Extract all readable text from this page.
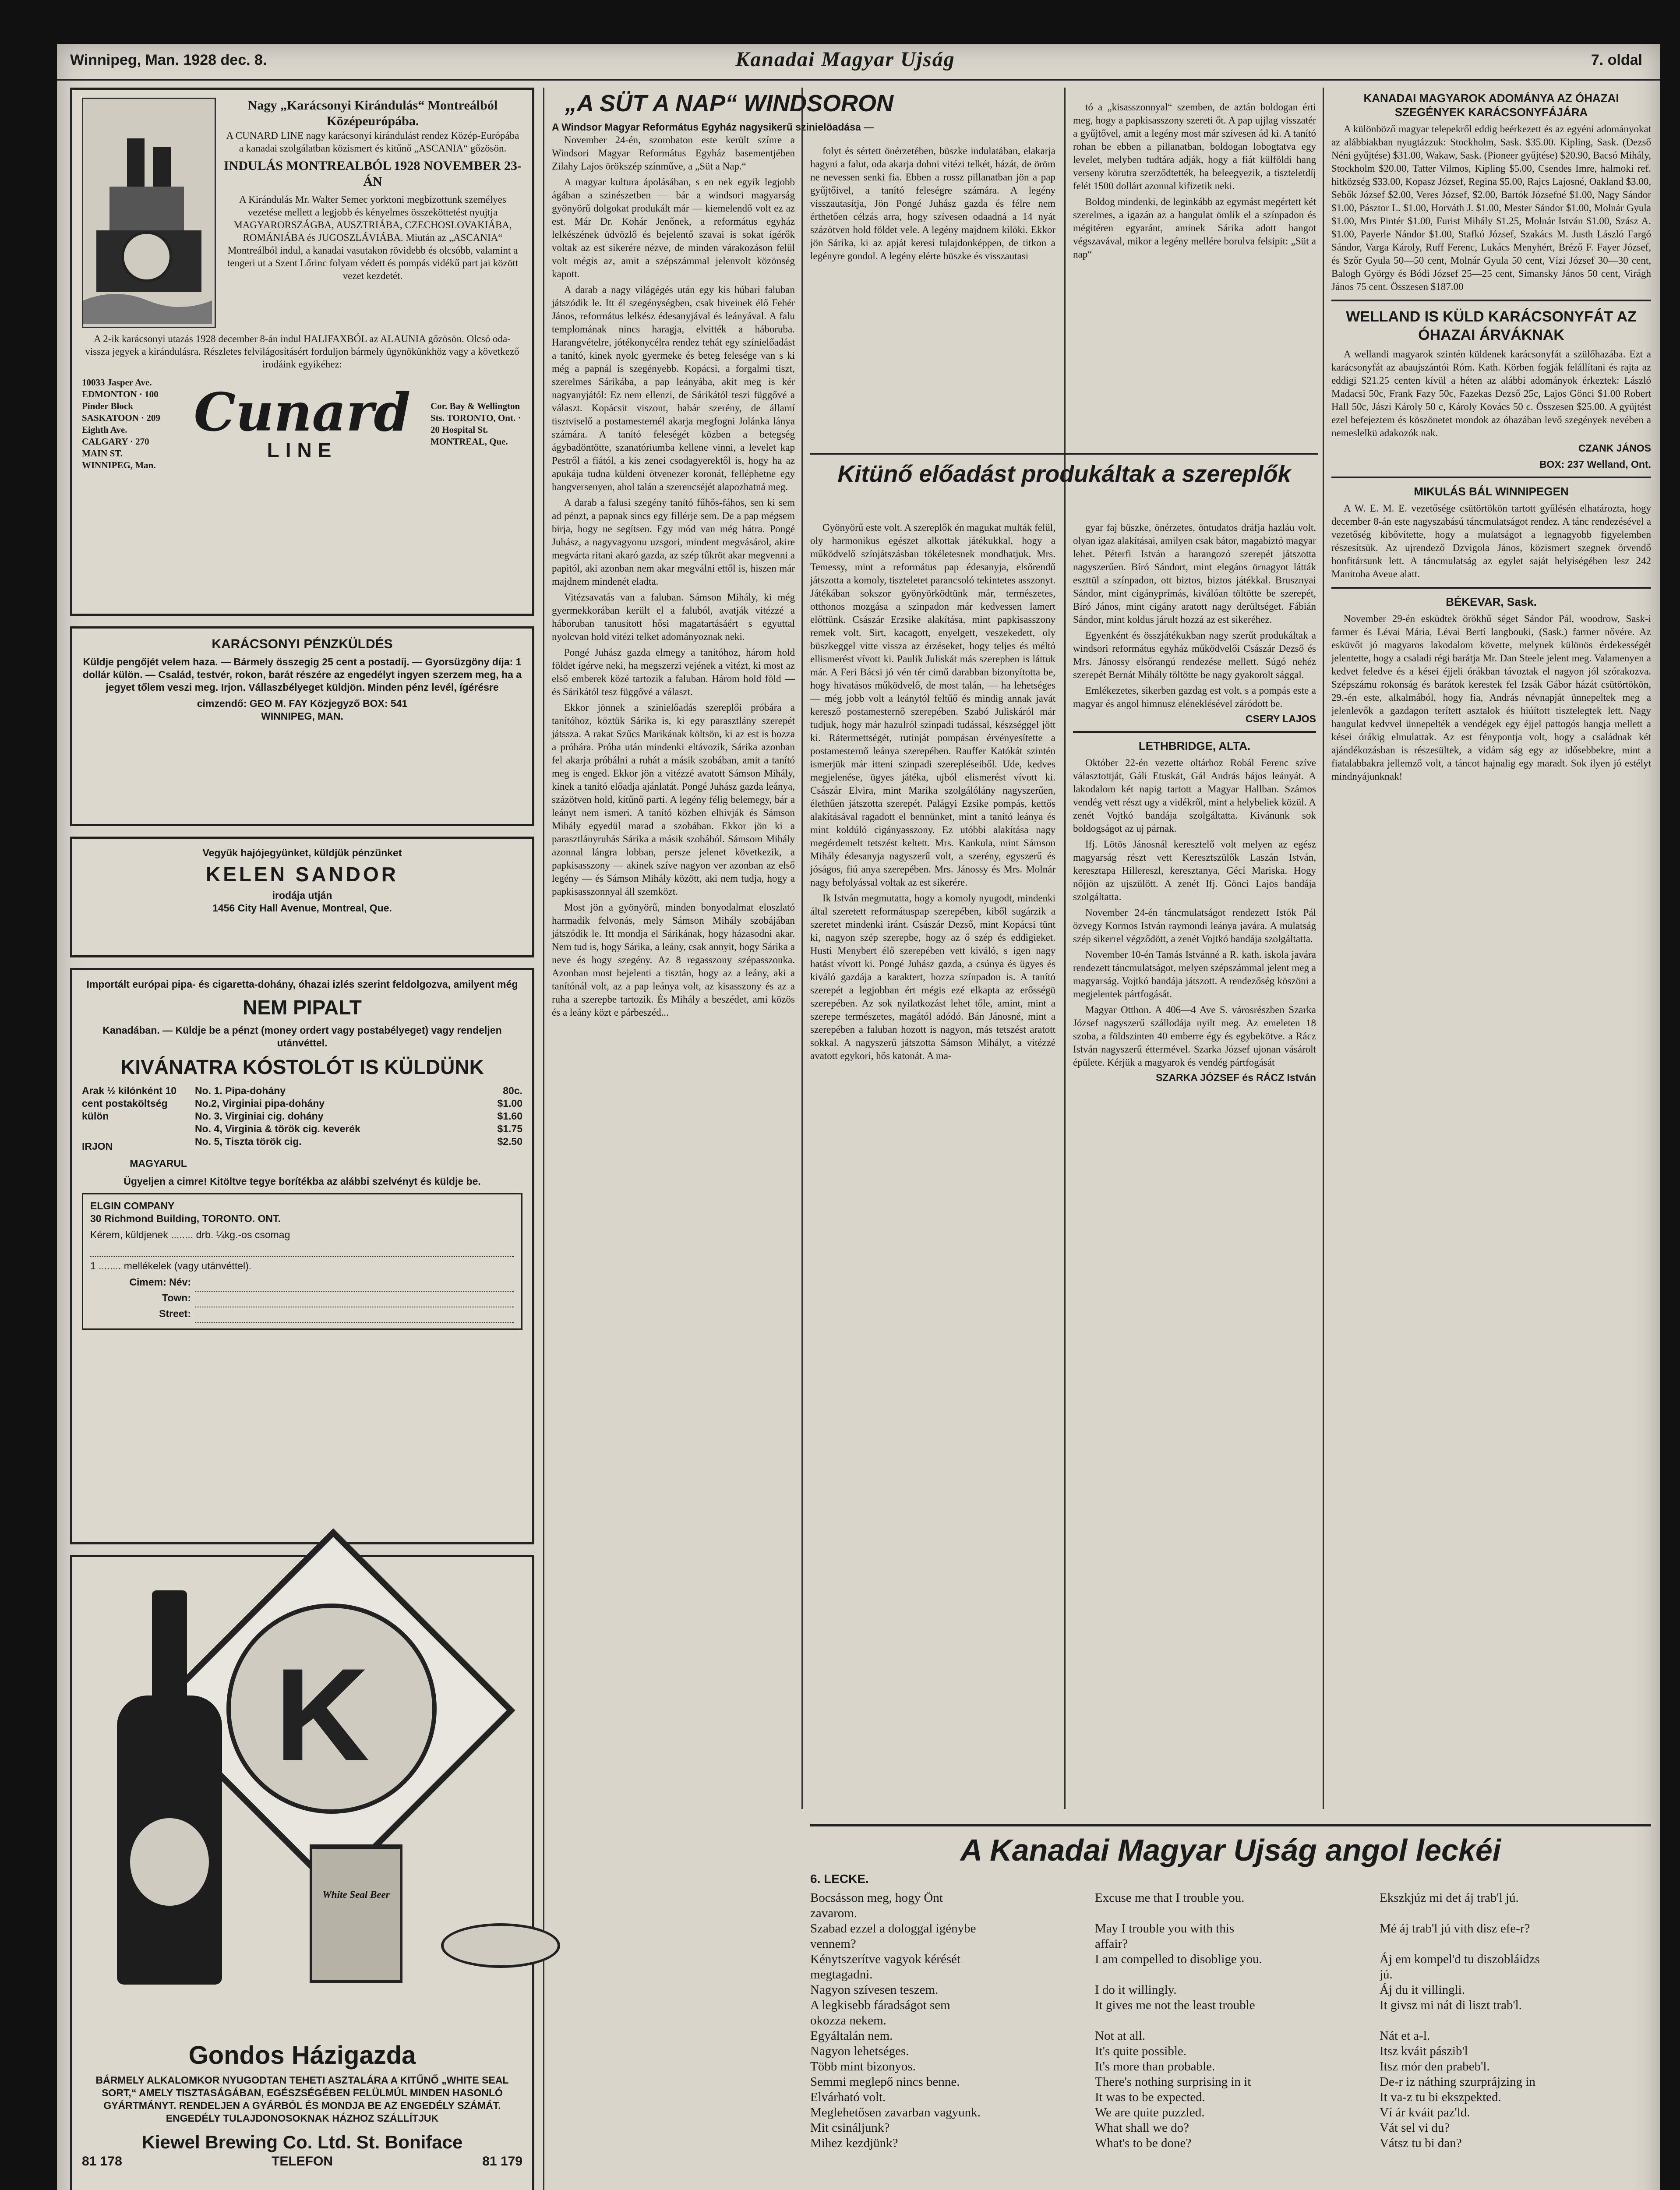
Winnipeg, Man. 1928 dec. 8.	Kanadai Magyar Ujság	7. oldal
Nagy „Karácsonyi Kirándulás“ Montreálból Középeurópába.
A CUNARD LINE nagy karácsonyi kirándulást rendez Közép-Európába a kanadai szolgálatban közismert és kitűnő „ASCANIA“ gőzösön.
INDULÁS MONTREALBÓL 1928 NOVEMBER 23-ÁN
A Kirándulás Mr. Walter Semec yorktoni megbízottunk személyes vezetése mellett a legjobb és kényelmes összeköttetést nyujtja MAGYARORSZÁGBA, AUSZTRIÁBA, CZECHOSLOVAKIÁBA, ROMÁNIÁBA és JUGOSZLÁVIÁBA. Miután az „ASCANIA“ Montreálból indul, a kanadai vasutakon rövidebb és olcsóbb, valamint a tengeri ut a Szent Lőrinc folyam védett és pompás vidékű part jai között vezet kezdetét.
A 2-ik karácsonyi utazás 1928 december 8-án indul HALIFAXBÓL az ALAUNIA gőzösön. Olcsó oda-vissza jegyek a kirándulásra. Részletes felvilágosításért forduljon bármely ügynökünkhöz vagy a következő irodáink egyikéhez:
10033 Jasper Ave. EDMONTON · 100 Pinder Block SASKATOON · 209 Eighth Ave. CALGARY · 270 MAIN ST. WINNIPEG, Man.
Cunard
LINE
Cor. Bay & Wellington Sts. TORONTO, Ont. · 20 Hospital St. MONTREAL, Que.
KARÁCSONYI PÉNZKÜLDÉS
Küldje pengőjét velem haza. — Bármely összegig 25 cent a postadíj. — Gyorsüzgöny díja: 1 dollár külön. — Család, testvér, rokon, barát részére az engedélyt ingyen szerzem meg, ha a jegyet tőlem veszi meg. Irjon. Vállaszbélyeget küldjön. Minden pénz levél, ígérésre
cimzendő: GEO M. FAY Közjegyző BOX: 541
WINNIPEG, MAN.
Vegyük hajójegyünket, küldjük pénzünket
KELEN SANDOR
irodája utján
1456 City Hall Avenue, Montreal, Que.
Importált európai pipa- és cigaretta-dohány, óhazai izlés szerint feldolgozva, amilyent még
NEM PIPALT
Kanadában. — Küldje be a pénzt (money ordert vagy postabélyeget) vagy rendeljen utánvéttel.
KIVÁNATRA KÓSTOLÓT IS KÜLDÜNK
Arak ½ kilónként 10 cent postaköltség külön
IRJON
MAGYARUL
No. 1. Pipa-dohány	80c.
No.2, Virginiai pipa-dohány	$1.00
No. 3. Virginiai cig. dohány	$1.60
No. 4, Virginia & török cig. keverék	$1.75
No. 5, Tiszta török cig.	$2.50
Ügyeljen a cimre! Kitöltve tegye borítékba az alábbi szelvényt és küldje be.
ELGIN COMPANY
30 Richmond Building, TORONTO. ONT.
Kérem, küldjenek ........ drb. ¼kg.-os csomag
1 ........ mellékelek (vagy utánvéttel).
Cimem: Név:
Town:
Street:
K
White Seal Beer
Gondos Házigazda
BÁRMELY ALKALOMKOR NYUGODTAN TEHETI ASZTALÁRA A KITŰNŐ „WHITE SEAL SORT,“ AMELY TISZTASÁGÁBAN, EGÉSZSÉGÉBEN FELÜLMÚL MINDEN HASONLÓ GYÁRTMÁNYT. RENDELJEN A GYÁRBÓL ÉS MONDJA BE AZ ENGEDÉLY SZÁMÁT. ENGEDÉLY TULAJDONOSOKNAK HÁZHOZ SZÁLLÍTJUK
Kiewel Brewing Co. Ltd. St. Boniface
81 178	TELEFON	81 179
„A SÜT A NAP“ WINDSORON
A Windsor Magyar Református Egyház nagysikerű szinielöadása —

November 24-én, szombaton este került színre a Windsori Magyar Református Egyház basementjében Zilahy Lajos örökszép színműve, a „Süt a Nap.“

A magyar kultura ápolásában, s en nek egyik legjobb ágában a szinészetben — bár a windsori magyarság gyönyörű dolgokat produkált már — kiemelendő volt ez az est. Már Dr. Kohár Jenőnek, a református egyház lelkészének üdvözlő és bejelentő szavai is sokat ígérők voltak az est sikerére nézve, de minden várakozáson felül volt mégis az, amit a szépszámmal jelenvolt közönség kapott.

A darab a nagy világégés után egy kis húbari faluban játszódik le. Itt él szegénységben, csak hiveinek élő Fehér János, református lelkész édesanyjával és leányával. A falu templomának nincs haragja, elvitték a háboruba. Harangvételre, jótékonycélra rendez tehát egy színielőadást a tanító, kinek nyolc gyermeke és beteg felesége van s ki még a papnál is szegényebb. Kopácsi, a forgalmi tiszt, szerelmes Sárikába, a pap leányába, akit meg is kér nagyanyjától: Ez nem ellenzi, de Sárikától teszi függővé a választ. Kopácsit viszont, habár szerény, de államí tisztviselő a postamesternél akarja megfogni Jolánka lánya számára. A tanító feleségét közben a betegség ágybadöntötte, szanatóriumba kellene vinni, a levelet kap Pestről a fiától, a kis zenei csodagyerektől is, hogy ha az apukája tudna küldeni ötvenezer koronát, felléphetne egy hangversenyen, ahol talán a szerencséjét alapozhatná meg.

A darab a falusi szegény tanító fűhős-fáhos, sen ki sem ad pénzt, a papnak sincs egy fillérje sem. De a pap mégsem birja, hogy ne segítsen. Egy mód van még hátra. Pongé Juhász, a nagyvagyonu uzsgori, mindent megvásárol, akire megvárta ritani akaró gazda, az szép tűkröt akar megvenni a papitól, aki azonban nem akar megválni ettől is, hiszen már majdnem mindenét eladta.

Vitézsavatás van a faluban. Sámson Mihály, ki még gyermekkorában került el a faluból, avatják vitézzé a háboruban tanusított hősi magatartásáért s egyuttal nyolcvan hold vitézi telket adományoznak neki.

Pongé Juhász gazda elmegy a tanítóhoz, három hold földet ígérve neki, ha megszerzi vejének a vitézt, ki most az első emberek közé tartozik a faluban. Három hold föld — és Sárikától tesz függővé a választ.

Ekkor jönnek a szinielőadás szereplői próbára a tanítóhoz, köztük Sárika is, ki egy parasztlány szerepét játssza. A rakat Szűcs Marikának költsön, ki az est is hozza a próbára. Próba után mindenki eltávozik, Sárika azonban fel akarja próbálni a ruhát a másik szobában, amit a tanító meg is enged. Ekkor jön a vitézzé avatott Sámson Mihály, kinek a tanító előadja ajánlatát. Pongé Juhász gazda leánya, százötven hold, kitűnő parti. A legény félig belemegy, bár a leányt nem ismeri. A tanító közben elhivják és Sámson Mihály egyedül marad a szobában. Ekkor jön ki a parasztlányruhás Sárika a másik szobából. Sámsom Mihály azonnal lángra lobban, persze jelenet következik, a papkisasszony — akinek szíve nagyon ver azonban az első legény — és Sámson Mihály között, aki nem tudja, hogy a papkisasszonnyal áll szemközt.

Most jön a gyönyörű, minden bonyodalmat eloszlató harmadik felvonás, mely Sámson Mihály szobájában játszódik le. Itt mondja el Sárikának, hogy házasodni akar. Nem tud is, hogy Sárika, a leány, csak annyit, hogy Sárika a neve és hogy szegény. Az 8 regasszony szépasszonka. Azonban most bejelenti a tisztán, hogy az a leány, aki a tanítónál volt, az a pap leánya volt, az kisasszony és az a ruha a szerepbe tartozik. És Mihály a beszédet, ami közös és a leány közt e párbeszéd...

folyt és sértett önérzetében, büszke indulatában, elakarja hagyni a falut, oda akarja dobni vitézi telkét, házát, de öröm ne nevessen senki fia. Ebben a rossz pillanatban jön a pap gyűjtőivel, a tanító feleségre számára. A legény visszautasítja, Jön Pongé Juhász gazda és félre nem érthetően célzás arra, hogy szívesen odaadná a 14 nyát százötven hold földet vele. A legény majdnem kilöki. Ekkor jön Sárika, ki az apját keresi tulajdonképpen, de titkon a legényre gondol. A legény elérte büszke és visszautasi

tó a „kisasszonnyal“ szemben, de aztán boldogan érti meg, hogy a papkisasszony szereti őt. A pap ujjlag visszatér a gyűjtővel, amit a legény most már szívesen ád ki. A tanító rohan be ebben a pillanatban, boldogan lobogtatva egy levelet, melyben tudtára adják, hogy a fiát külföldi hang verseny körutra szerződtették, ha beleegyezik, a tiszteletdíj felét 1500 dollárt azonnal kifizetik neki.

Boldog mindenki, de leginkább az egymást megértett két szerelmes, a igazán az a hangulat ömlik el a színpadon és mégitéren egyaránt, aminek Sárika adott hangot végszavával, mikor a legény mellére borulva felsipit: „Süt a nap“

Kitünő előadást produkáltak a szereplők

Gyönyörű este volt. A szereplők én magukat multák felül, oly harmonikus egészet alkottak játékukkal, hogy a működvelő színjátszásban tökéletesnek mondhatjuk. Mrs. Temessy, mint a református pap édesanyja, elsőrendű játszotta a komoly, tiszteletet parancsoló tekintetes asszonyt. Játékában sokszor gyönyörködtünk már, természetes, otthonos mozgása a szinpadon már kedvessen lamert előttünk. Császár Erzsike alakítása, mint papkisasszony remek volt. Sirt, kacagott, enyelgett, veszekedett, oly büszkeggel vitte vissza az érzéseket, hogy teljes és méltó ellismerést vívott ki. Paulik Juliskát más szerepben is láttuk már. A Feri Bácsi jó vén tér cimű darabban bizonyította be, hogy hivatásos működvelő, de most talán, — ha lehetséges — még jobb volt a leánytól feltűő és mindig annak javát keresző postamesternő szerepében. Szabó Juliskáról már tudjuk, hogy már hazulról szinpadi tudással, készséggel jött ki. Rátermettségét, rutinját pompásan érvényesítette a postamesternő leánya szerepében. Rauffer Katókát szintén ismerjük már itteni szinpadi szerepléseiből. Ude, kedves megjelenése, ügyes játéka, ujból elismerést vívott ki. Császár Elvira, mint Marika szolgálólány nagyszerűen, élethűen játszotta szerepét. Palágyi Ezsike pompás, kettős alakításával ragadott el bennünket, mint a tanító leánya és mint koldúló cigányasszony. Ez utóbbi alakítása nagy megérdemelt tetszést keltett. Mrs. Kankula, mint Sámson Mihály édesanyja nagyszerű volt, a szerény, egyszerű és jóságos, fiú anya szerepében. Mrs. Jánossy és Mrs. Molnár nagy befolyással voltak az est sikerére.

Ik István megmutatta, hogy a komoly nyugodt, mindenki által szeretett reformátuspap szerepében, kiből sugárzik a szeretet mindenki iránt. Császár Dezső, mint Kopácsi tünt ki, nagyon szép szerepbe, hogy az ő szép és eddigieket. Husti Menybert élő szerepében vett kiváló, s igen nagy hatást vívott ki. Pongé Juhász gazda, a csúnya és ügyes és kiváló gazdája a karaktert, hozza színpadon is. A tanító szerepét a legjobban ért mégis ezé elkapta az erősségü szerepében. Az sok nyilatkozást lehet tőle, amint, mint a szerepe természetes, magától adódó. Bán Jánosné, mint a szerepében a faluban hozott is nagyon, más tetszést aratott sokkal. A nagyszerű játszotta Sámson Mihályt, a vitézzé avatott egykori, hős katonát. A ma-

gyar faj büszke, önérzetes, öntudatos dráfja hazláu volt, olyan igaz alakításai, amilyen csak bátor, magabiztó magyar lehet. Péterfi István a harangozó szerepét játszotta nagyszerűen. Bíró Sándort, mint elegáns örnagyot látták eszttül a színpadon, ott biztos, biztos játékkal. Brusznyai Sándor, mint cigányprímás, kiválóan töltötte be szerepét, Bíró János, mint cigány aratott nagy derültséget. Fábián Sándor, mint koldus járult hozzá az est sikeréhez.

Egyenként és összjátékukban nagy szerűt produkáltak a windsori református egyház működvelői Császár Dezső és Mrs. Jánossy elsőrangú rendezése mellett. Súgó nehéz szerepét Bernát Mihály töltötte be nagy gyakorolt sággal.

Emlékezetes, sikerben gazdag est volt, s a pompás este a magyar és angol himnusz eléneklésével záródott be.

CSERY LAJOS
LETHBRIDGE, ALTA.

Október 22-én vezette oltárhoz Robál Ferenc szíve választottját, Gáli Etuskát, Gál András bájos leányát. A lakodalom két napig tartott a Magyar Hallban. Számos vendég vett részt ugy a vidékről, mint a helybeliek közül. A zenét Vojtkó bandája szolgáltatta. Kivánunk sok boldogságot az uj párnak.

Ifj. Lötös Jánosnál keresztelő volt melyen az egész magyarság részt vett Keresztszülők Laszán István, keresztapa Hillereszl, keresztanya, Gécí Mariska. Hogy nőjjön az ujszülött. A zenét Ifj. Gönci Lajos bandája szolgáltatta.

November 24-én táncmulatságot rendezett Istók Pál özvegy Kormos István raymondi leánya javára. A mulatság szép sikerrel végződött, a zenét Vojtkó bandája szolgáltatta.

November 10-én Tamás Istvánné a R. kath. iskola javára rendezett táncmulatságot, melyen szépszámmal jelent meg a magyarság. Vojtkó bandája játszott. A rendezőség köszöni a megjelentek pártfogását.

Magyar Otthon. A 406—4 Ave S. városrészben Szarka József nagyszerű szállodája nyilt meg. Az emeleten 18 szoba, a földszinten 40 emberre égy és egybekötve. a Rácz István nagyszerű éttermével. Szarka József ujonan vásárolt épülete. Kérjük a magyarok és vendég pártfogását

SZARKA JÓZSEF és RÁCZ István
KANADAI MAGYAROK ADOMÁNYA AZ ÓHAZAI SZEGÉNYEK KARÁCSONYFÁJÁRA

A különböző magyar telepekről eddig beérkezett és az egyéni adományokat az alábbiakban nyugtázzuk: Stockholm, Sask. $35.00. Kipling, Sask. (Dezső Néni gyűjtése) $31.00, Wakaw, Sask. (Pioneer gyűjtése) $20.90, Bacsó Mihály, Stockholm $20.00, Tatter Vilmos, Kipling $5.00, Csendes Imre, halmoki ref. hitközség $33.00, Kopasz József, Regina $5.00, Rajcs Lajosné, Oakland $3.00, Sebők József $2.00, Veres József, $2.00, Bartók Józsefné $1.00, Nagy Sándor $1.00, Pásztor L. $1.00, Horváth J. $1.00, Mester Sándor $1.00, Molnár Gyula $1.00, Mrs Pintér $1.00, Furist Mihály $1.25, Molnár István $1.00, Szász A. $1.00, Payerle Nándor $1.00, Stafkó József, Szakács M. Justh László Fargó Sándor, Varga Károly, Ruff Ferenc, Lukács Menyhért, Bréző F. Fayer József, és Szőr Gyula 50—50 cent, Molnár Gyula 50 cent, Vízi József 30—30 cent, Balogh György és Bódi József 25—25 cent, Simansky János 50 cent, Virágh János 75 cent. Összesen $187.00

WELLAND IS KÜLD KARÁCSONYFÁT AZ ÓHAZAI ÁRVÁKNAK

A wellandi magyarok szintén küldenek karácsonyfát a szülőhazába. Ezt a karácsonyfát az abaujszántói Róm. Kath. Körben fogják felállítani és rajta az eddigi $21.25 centen kívül a héten az alábbi adományok érkeztek: László Madacsi 50c, Frank Fazy 50c, Fazekas Dezső 25c, Lajos Gönci $1.00 Robert Hall 50c, Jászi Károly 50 c, Károly Kovács 50 c. Összesen $25.00. A gyüjtést ezel befejeztem és köszönetet mondok az óhazában levő szegények nevében a nemeslelkü adakozók nak.

CZANK JÁNOS
BOX: 237 Welland, Ont.
MIKULÁS BÁL WINNIPEGEN

A W. E. M. E. vezetősége csütörtökön tartott gyűlésén elhatározta, hogy december 8-án este nagyszabású táncmulatságot rendez. A tánc rendezésével a vezetőség kibővítette, hogy a mulatságot a legnagyobb figyelemben részesítsük. Az ujrendező Dzvigola János, közismert szegnek örvendő honfitársunk lett. A táncmulatság az egylet saját helyiségében lesz 242 Manitoba Aveue alatt.

BÉKEVAR, Sask.

November 29-én esküdtek örökhű séget Sándor Pál, woodrow, Sask-i farmer és Lévai Mária, Lévai Bertí langbouki, (Sask.) farmer nővére. Az esküvőt jó magyaros lakodalom követte, melynek különös érdekességét jelentette, hogy a csaladi régi barátja Mr. Dan Steele jelent meg. Valamenyen a kedvet feledve és a kései éjjeli órákban távoztak el nagyon jól szórakozva. Szépszámu rokonság és barátok kerestek fel Izsák Gábor házát csütörtökön, 29.-én este, alkalmából, hogy fia, András névnapját ünnepeltek meg a jelenlevők a gazdagon terített asztalok és hiúított tisztelegtek lett. Nagy hangulat kedvvel ünnepelték a vendégek egy éjjel pattogós hangja mellett a kései órákig elmulattak. Az est fénypontja volt, hogy a családnak két ajándékozásban is részesültek, a vidám ság egy az idősebbekre, mint a fiatalabbakra jellemző volt, a táncot hajnalig egy maradt. Sok ilyen jó estélyt mindnyájunknak!

A Kanadai Magyar Ujság angol leckéi
6. LECKE.
Bocsásson meg, hogy Önt	Excuse me that I trouble you.	Ekszkjúz mi det áj trab'l jú.
zavarom.
Szabad ezzel a dologgal igénybe	May I trouble you with this	Mé áj trab'l jú vith disz efe-r?
vennem?	affair?
Kénytszerítve vagyok kérését	I am compelled to disoblige you.	Áj em kompel'd tu diszobláidzs
megtagadni.	jú.
Nagyon szívesen teszem.	I do it willingly.	Áj du it villingli.
A legkisebb fáradságot sem	It gives me not the least trouble	It givsz mi nát di liszt trab'l.
okozza nekem.
Egyáltalán nem.	Not at all.	Nát et a-l.
Nagyon lehetséges.	It's quite possible.	Itsz kváit pászib'l
Több mint bizonyos.	It's more than probable.	Itsz mór den prabeb'l.
Semmi meglepő nincs benne.	There's nothing surprising in it	De-r iz náthing szurprájzing in
Elvárható volt.	It was to be expected.	It va-z tu bi ekszpekted.
Meglehetősen zavarban vagyunk.	We are quite puzzled.	Ví ár kváit paz'ld.
Mit csináljunk?	What shall we do?	Vát sel vi du?
Mihez kezdjünk?	What's to be done?	Vátsz tu bi dan?
